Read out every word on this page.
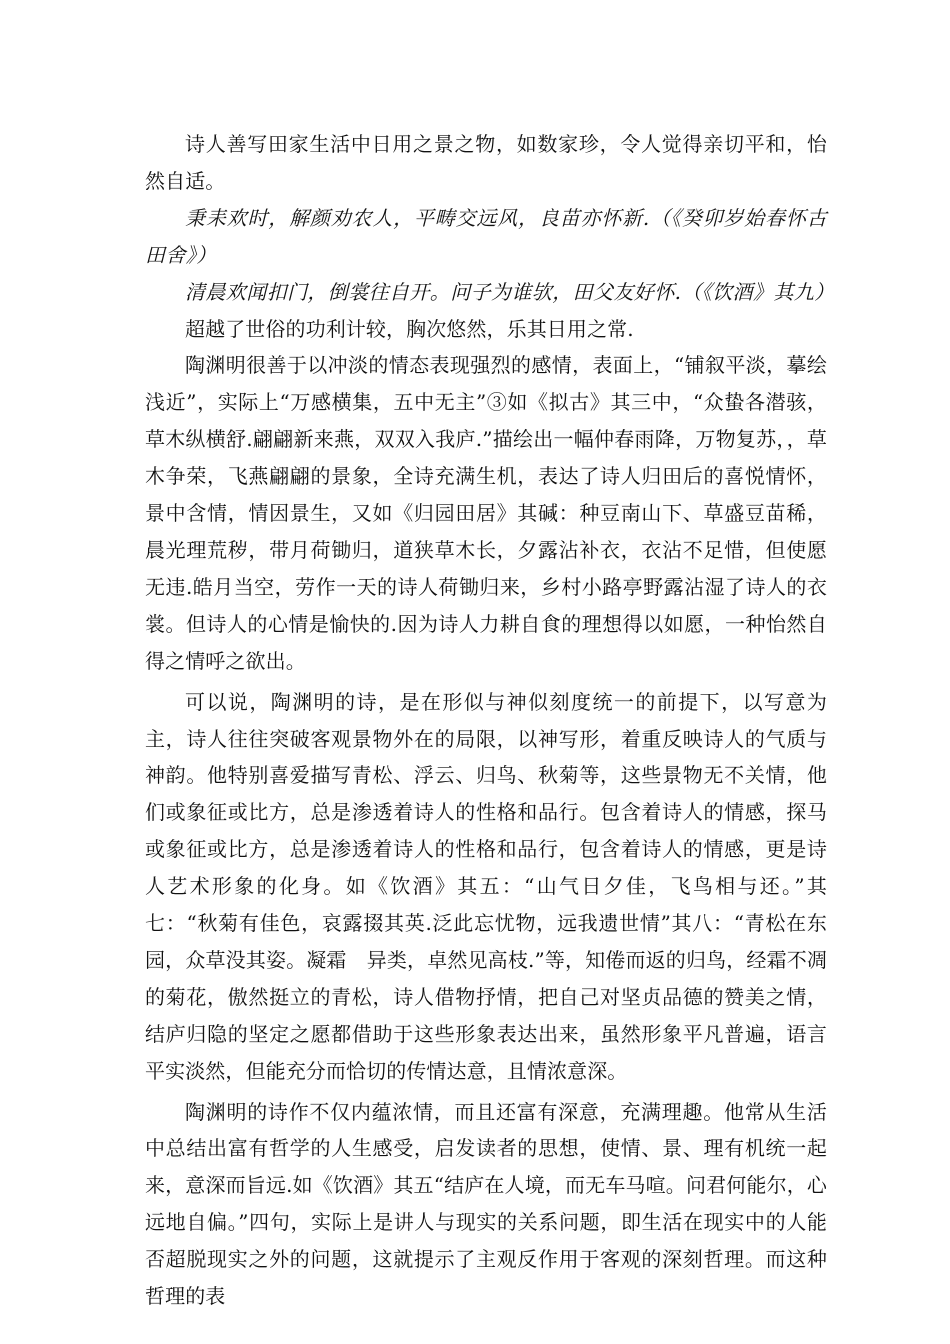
诗人善写田家生活中日用之景之物，如数家珍，令人觉得亲切平和，怡然自适。

秉耒欢时，解颜劝农人，平畴交远风，良苗亦怀新.（《癸卯岁始春怀古田舍》）

清晨欢闻扣门，倒裳往自开。问子为谁欤，田父友好怀.（《饮酒》其九）

超越了世俗的功利计较，胸次悠然，乐其日用之常.

陶渊明很善于以冲淡的情态表现强烈的感情，表面上，“铺叙平淡，摹绘浅近”，实际上“万感横集，五中无主”③如《拟古》其三中，“众蛰各潜骇，草木纵横舒.翩翩新来燕，双双入我庐.”描绘出一幅仲春雨降，万物复苏，，草木争荣，飞燕翩翩的景象，全诗充满生机，表达了诗人归田后的喜悦情怀，景中含情，情因景生，又如《归园田居》其碱：种豆南山下、草盛豆苗稀，晨光理荒秽，带月荷锄归，道狭草木长，夕露沾补衣，衣沾不足惜，但使愿无违.皓月当空，劳作一天的诗人荷锄归来，乡村小路亭野露沾湿了诗人的衣裳。但诗人的心情是愉快的.因为诗人力耕自食的理想得以如愿，一种怡然自得之情呼之欲出。

可以说，陶渊明的诗，是在形似与神似刻度统一的前提下，以写意为主，诗人往往突破客观景物外在的局限，以神写形，着重反映诗人的气质与神韵。他特别喜爱描写青松、浮云、归鸟、秋菊等，这些景物无不关情，他们或象征或比方，总是渗透着诗人的性格和品行。包含着诗人的情感，探马或象征或比方，总是渗透着诗人的性格和品行，包含着诗人的情感，更是诗人艺术形象的化身。如《饮酒》其五：“山气日夕佳，飞鸟相与还。”其七：“秋菊有佳色，哀露掇其英.泛此忘忧物，远我遗世情”其八：“青松在东园，众草没其姿。凝霜　异类，卓然见高枝.”等，知倦而返的归鸟，经霜不凋的菊花，傲然挺立的青松，诗人借物抒情，把自己对坚贞品德的赞美之情，结庐归隐的坚定之愿都借助于这些形象表达出来，虽然形象平凡普遍，语言平实淡然，但能充分而恰切的传情达意，且情浓意深。

陶渊明的诗作不仅内蕴浓情，而且还富有深意，充满理趣。他常从生活中总结出富有哲学的人生感受，启发读者的思想，使情、景、理有机统一起来，意深而旨远.如《饮酒》其五“结庐在人境，而无车马喧。问君何能尔，心远地自偏。”四句，实际上是讲人与现实的关系问题，即生活在现实中的人能否超脱现实之外的问题，这就提示了主观反作用于客观的深刻哲理。而这种哲理的表
